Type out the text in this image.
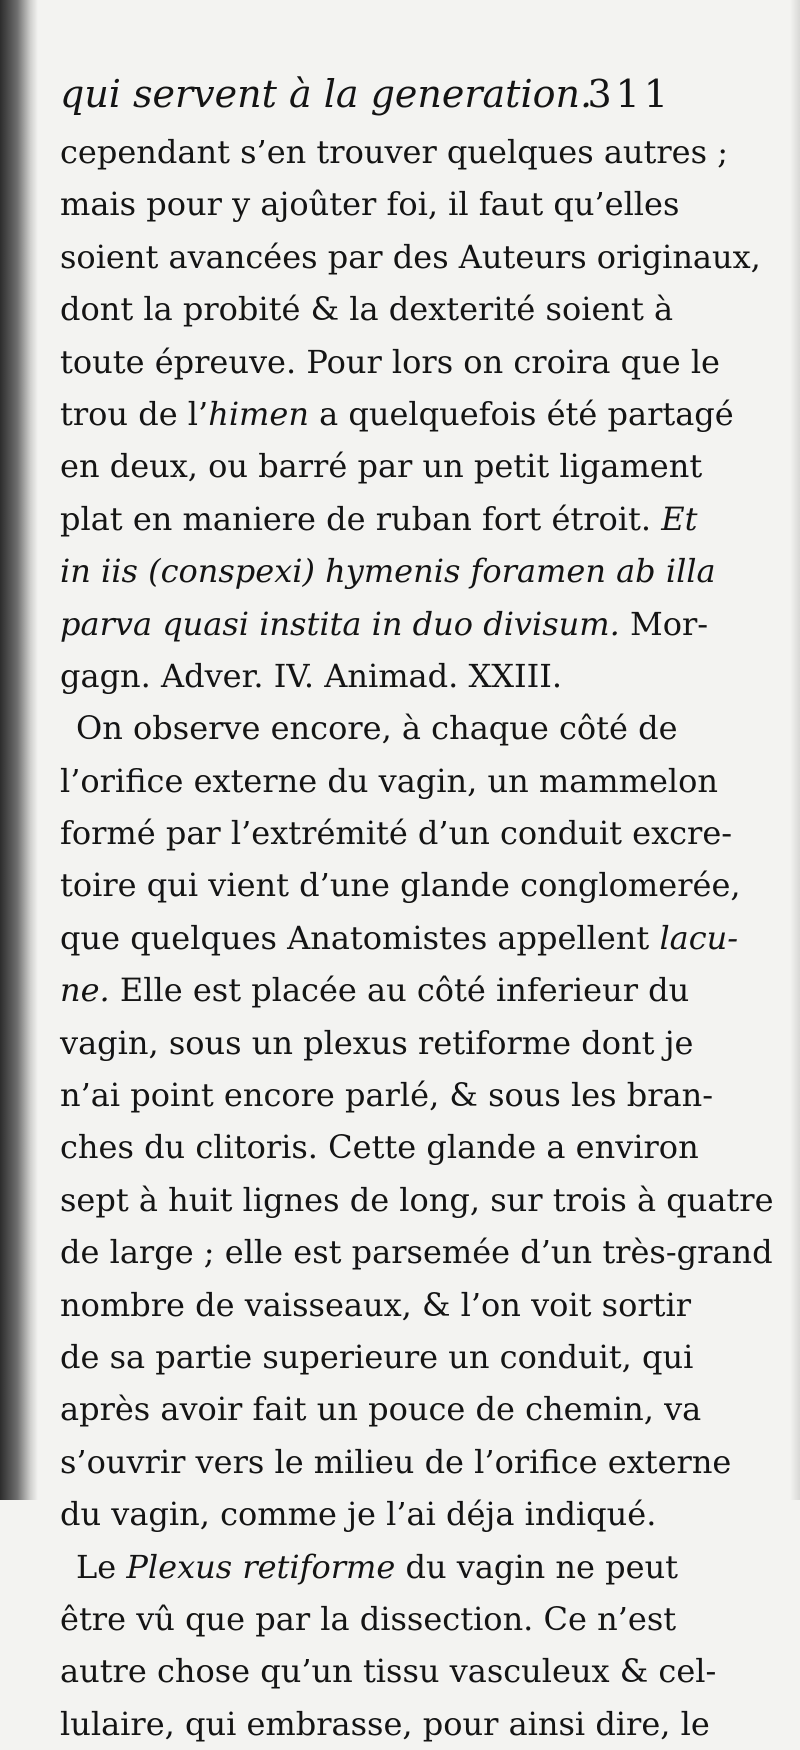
qui servent à la generation.
311
cependant s’en trouver quelques autres ;
mais pour y ajoûter foi, il faut qu’elles
soient avancées par des Auteurs originaux,
dont la probité & la dexterité soient à
toute épreuve. Pour lors on croira que le
trou de l’himen a quelquefois été partagé
en deux, ou barré par un petit ligament
plat en maniere de ruban fort étroit. Et
in iis (conspexi) hymenis foramen ab illa
parva quasi instita in duo divisum. Mor-
gagn. Adver. IV. Animad. XXIII.
On observe encore, à chaque côté de
l’orifice externe du vagin, un mammelon
formé par l’extrémité d’un conduit excre-
toire qui vient d’une glande conglomerée,
que quelques Anatomistes appellent lacu-
ne. Elle est placée au côté inferieur du
vagin, sous un plexus retiforme dont je
n’ai point encore parlé, & sous les bran-
ches du clitoris. Cette glande a environ
sept à huit lignes de long, sur trois à quatre
de large ; elle est parsemée d’un très-grand
nombre de vaisseaux, & l’on voit sortir
de sa partie superieure un conduit, qui
après avoir fait un pouce de chemin, va
s’ouvrir vers le milieu de l’orifice externe
du vagin, comme je l’ai déja indiqué.
Le Plexus retiforme du vagin ne peut
être vû que par la dissection. Ce n’est
autre chose qu’un tissu vasculeux & cel-
lulaire, qui embrasse, pour ainsi dire, le
